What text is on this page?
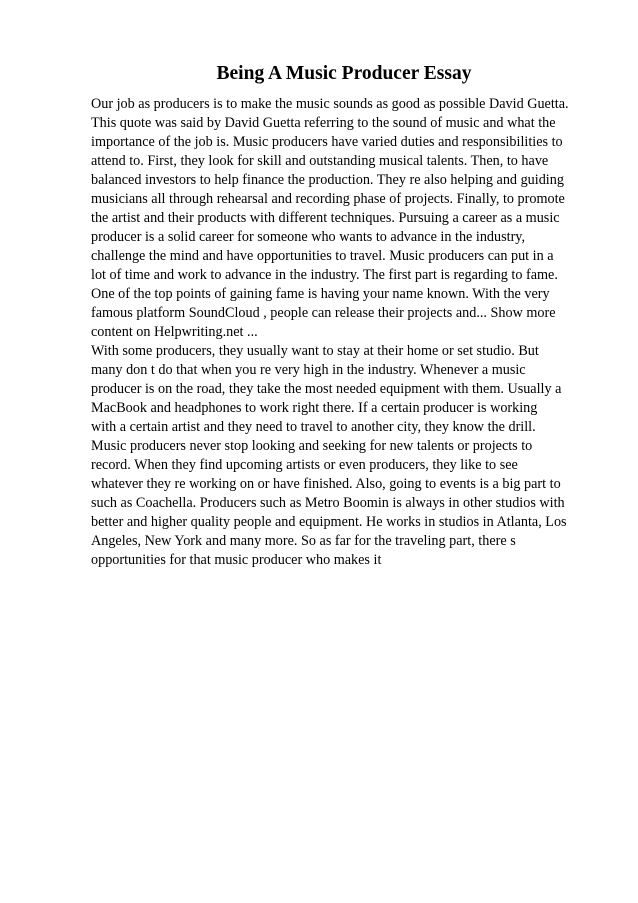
Being A Music Producer Essay
Our job as producers is to make the music sounds as good as possible David Guetta.
This quote was said by David Guetta referring to the sound of music and what the
importance of the job is. Music producers have varied duties and responsibilities to
attend to. First, they look for skill and outstanding musical talents. Then, to have
balanced investors to help finance the production. They re also helping and guiding
musicians all through rehearsal and recording phase of projects. Finally, to promote
the artist and their products with different techniques. Pursuing a career as a music
producer is a solid career for someone who wants to advance in the industry,
challenge the mind and have opportunities to travel. Music producers can put in a
lot of time and work to advance in the industry. The first part is regarding to fame.
One of the top points of gaining fame is having your name known. With the very
famous platform SoundCloud , people can release their projects and... Show more
content on Helpwriting.net ...
With some producers, they usually want to stay at their home or set studio. But
many don t do that when you re very high in the industry. Whenever a music
producer is on the road, they take the most needed equipment with them. Usually a
MacBook and headphones to work right there. If a certain producer is working
with a certain artist and they need to travel to another city, they know the drill.
Music producers never stop looking and seeking for new talents or projects to
record. When they find upcoming artists or even producers, they like to see
whatever they re working on or have finished. Also, going to events is a big part to
such as Coachella. Producers such as Metro Boomin is always in other studios with
better and higher quality people and equipment. He works in studios in Atlanta, Los
Angeles, New York and many more. So as far for the traveling part, there s
opportunities for that music producer who makes it
